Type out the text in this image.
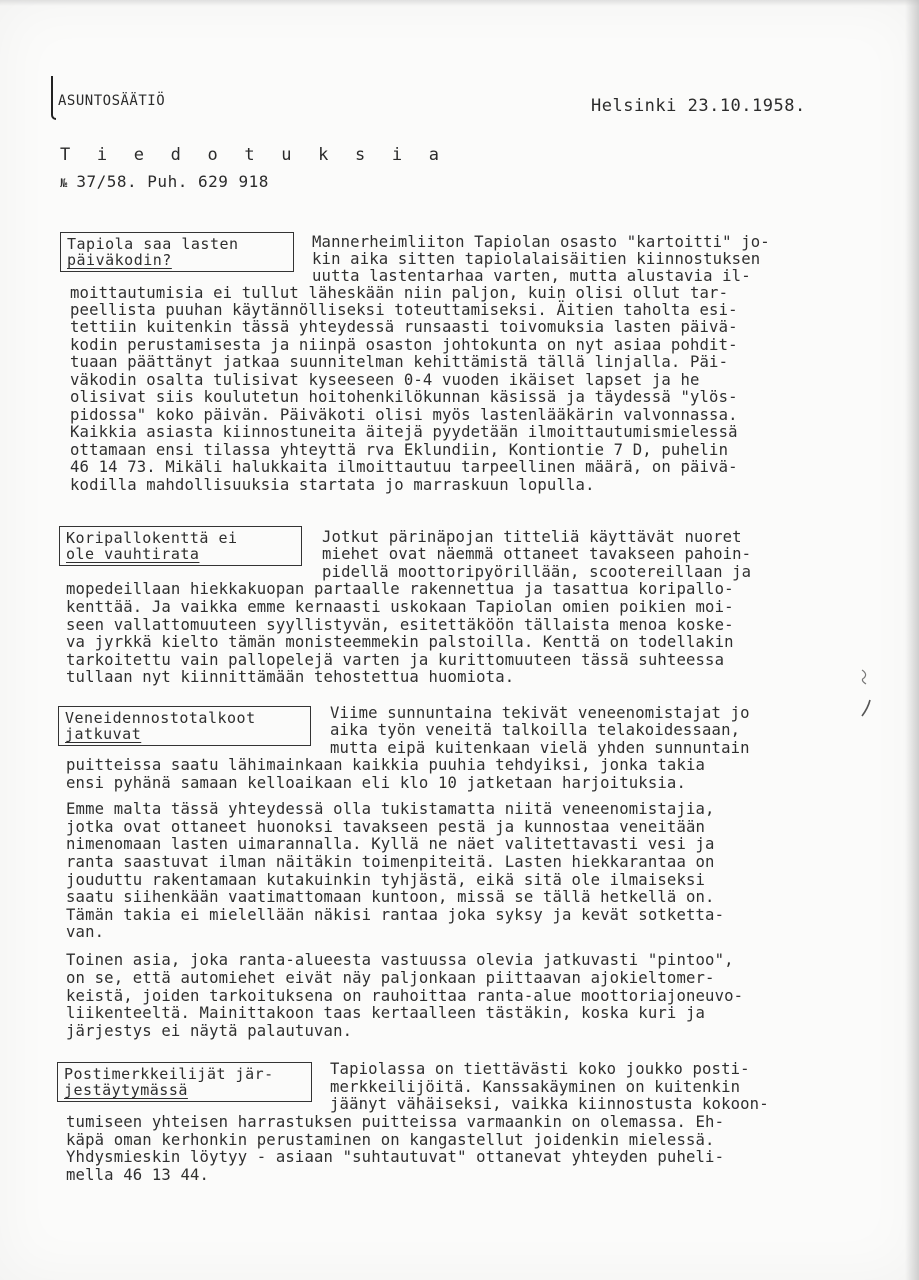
ASUNTOSÄÄTIÖ	Helsinki 23.10.1958.
T i e d o t u k s i a
№ 37/58. Puh. 629 918
Tapiola saa lasten
päiväkodin?
Mannerheimliiton Tapiolan osasto "kartoitti" jo-
kin aika sitten tapiolalaisäitien kiinnostuksen
uutta lastentarhaa varten, mutta alustavia il-
moittautumisia ei tullut läheskään niin paljon, kuin olisi ollut tar-
peellista puuhan käytännölliseksi toteuttamiseksi. Äitien taholta esi-
tettiin kuitenkin tässä yhteydessä runsaasti toivomuksia lasten päivä-
kodin perustamisesta ja niinpä osaston johtokunta on nyt asiaa pohdit-
tuaan päättänyt jatkaa suunnitelman kehittämistä tällä linjalla. Päi-
väkodin osalta tulisivat kyseeseen 0-4 vuoden ikäiset lapset ja he
olisivat siis koulutetun hoitohenkilökunnan käsissä ja täydessä "ylös-
pidossa" koko päivän. Päiväkoti olisi myös lastenlääkärin valvonnassa.
Kaikkia asiasta kiinnostuneita äitejä pyydetään ilmoittautumismielessä
ottamaan ensi tilassa yhteyttä rva Eklundiin, Kontiontie 7 D, puhelin
46 14 73. Mikäli halukkaita ilmoittautuu tarpeellinen määrä, on päivä-
kodilla mahdollisuuksia startata jo marraskuun lopulla.
Koripallokenttä ei
ole vauhtirata
Jotkut pärinäpojan titteliä käyttävät nuoret
miehet ovat näemmä ottaneet tavakseen pahoin-
pidellä moottoripyörillään, scootereillaan ja
mopedeillaan hiekkakuopan partaalle rakennettua ja tasattua koripallo-
kenttää. Ja vaikka emme kernaasti uskokaan Tapiolan omien poikien moi-
seen vallattomuuteen syyllistyvän, esitettäköön tällaista menoa koske-
va jyrkkä kielto tämän monisteemmekin palstoilla. Kenttä on todellakin
tarkoitettu vain pallopelejä varten ja kurittomuuteen tässä suhteessa
tullaan nyt kiinnittämään tehostettua huomiota.
Veneidennostotalkoot
jatkuvat
Viime sunnuntaina tekivät veneenomistajat jo
aika työn veneitä talkoilla telakoidessaan,
mutta eipä kuitenkaan vielä yhden sunnuntain
puitteissa saatu lähimainkaan kaikkia puuhia tehdyiksi, jonka takia
ensi pyhänä samaan kelloaikaan eli klo 10 jatketaan harjoituksia.
Emme malta tässä yhteydessä olla tukistamatta niitä veneenomistajia,
jotka ovat ottaneet huonoksi tavakseen pestä ja kunnostaa veneitään
nimenomaan lasten uimarannalla. Kyllä ne näet valitettavasti vesi ja
ranta saastuvat ilman näitäkin toimenpiteitä. Lasten hiekkarantaa on
jouduttu rakentamaan kutakuinkin tyhjästä, eikä sitä ole ilmaiseksi
saatu siihenkään vaatimattomaan kuntoon, missä se tällä hetkellä on.
Tämän takia ei mielellään näkisi rantaa joka syksy ja kevät sotketta-
van.
Toinen asia, joka ranta-alueesta vastuussa olevia jatkuvasti "pintoo",
on se, että automiehet eivät näy paljonkaan piittaavan ajokieltomer-
keistä, joiden tarkoituksena on rauhoittaa ranta-alue moottoriajoneuvo-
liikenteeltä. Mainittakoon taas kertaalleen tästäkin, koska kuri ja
järjestys ei näytä palautuvan.
Postimerkkeilijät jär-
jestäytymässä
Tapiolassa on tiettävästi koko joukko posti-
merkkeilijöitä. Kanssakäyminen on kuitenkin
jäänyt vähäiseksi, vaikka kiinnostusta kokoon-
tumiseen yhteisen harrastuksen puitteissa varmaankin on olemassa. Eh-
käpä oman kerhonkin perustaminen on kangastellut joidenkin mielessä.
Yhdysmieskin löytyy - asiaan "suhtautuvat" ottanevat yhteyden puheli-
mella 46 13 44.
